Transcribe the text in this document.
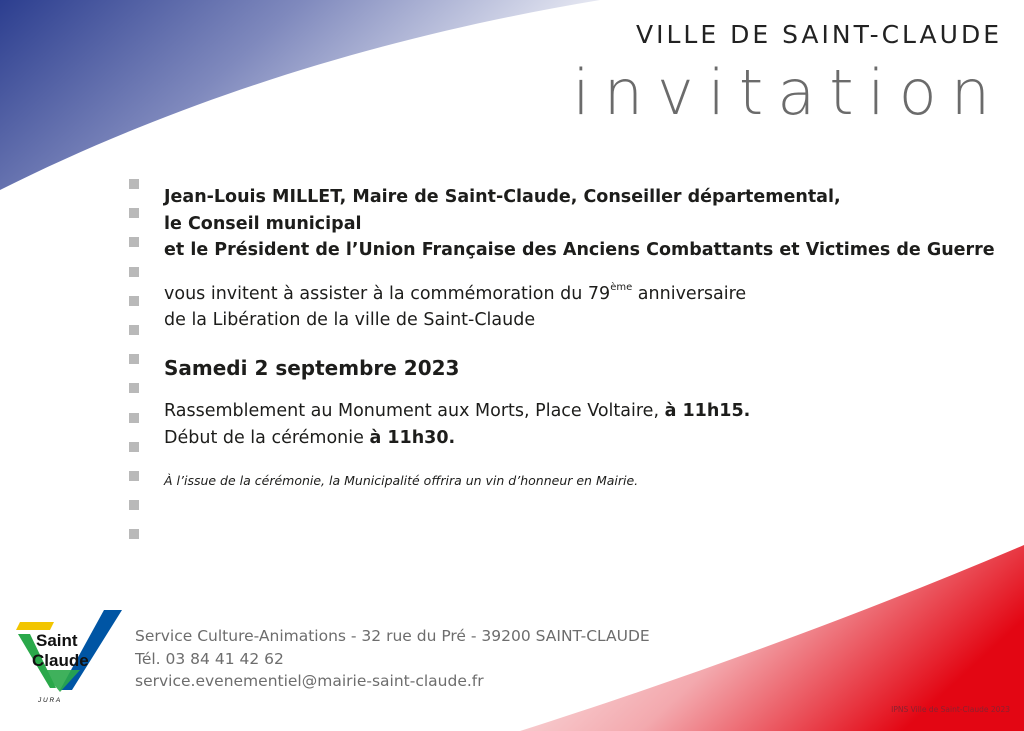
VILLE DE SAINT-CLAUDE
invitation

Jean-Louis MILLET, Maire de Saint-Claude, Conseiller départemental,

le Conseil municipal

et le Président de l’Union Française des Anciens Combattants et Victimes de Guerre

vous invitent à assister à la commémoration du 79ème anniversaire

de la Libération de la ville de Saint-Claude

Samedi 2 septembre 2023

Rassemblement au Monument aux Morts, Place Voltaire, à 11h15.

Début de la cérémonie à 11h30.

À l’issue de la cérémonie, la Municipalité offrira un vin d’honneur en Mairie.
Saint
Claude
J U R A
Service Culture-Animations - 32 rue du Pré - 39200 SAINT-CLAUDE
Tél. 03 84 41 42 62
service.evenementiel@mairie-saint-claude.fr
IPNS Ville de Saint-Claude 2023
